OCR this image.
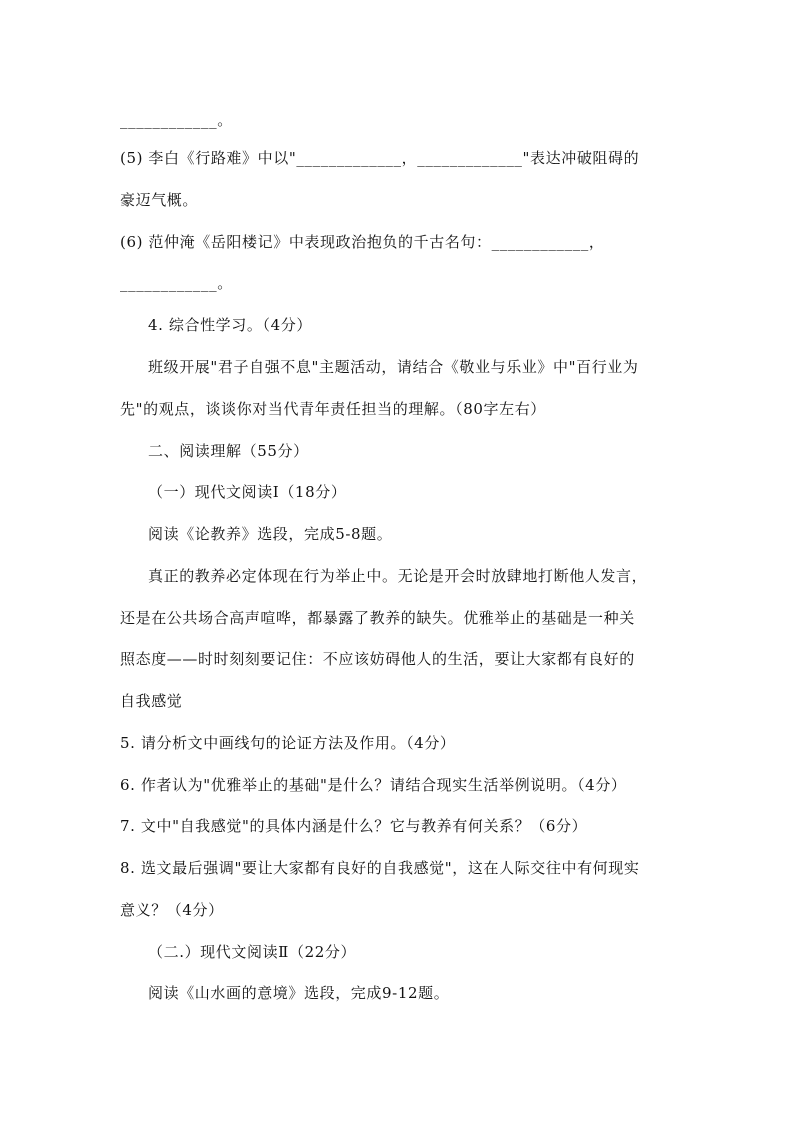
____________。
(5) 李白《行路难》中以"_____________，_____________"表达冲破阻碍的
豪迈气概。
(6) 范仲淹《岳阳楼记》中表现政治抱负的千古名句：____________，
____________。
4. 综合性学习。（4分）
班级开展"君子自强不息"主题活动，请结合《敬业与乐业》中"百行业为
先"的观点，谈谈你对当代青年责任担当的理解。（80字左右）
二、阅读理解（55分）
（一）现代文阅读Ⅰ（18分）
阅读《论教养》选段，完成5-8题。
真正的教养必定体现在行为举止中。无论是开会时放肆地打断他人发言，
还是在公共场合高声喧哗，都暴露了教养的缺失。优雅举止的基础是一种关
照态度——时时刻刻要记住：不应该妨碍他人的生活，要让大家都有良好的
自我感觉
5. 请分析文中画线句的论证方法及作用。（4分）
6. 作者认为"优雅举止的基础"是什么？请结合现实生活举例说明。（4分）
7. 文中"自我感觉"的具体内涵是什么？它与教养有何关系？（6分）
8. 选文最后强调"要让大家都有良好的自我感觉"，这在人际交往中有何现实
意义？（4分）
（二.）现代文阅读Ⅱ（22分）
阅读《山水画的意境》选段，完成9-12题。
